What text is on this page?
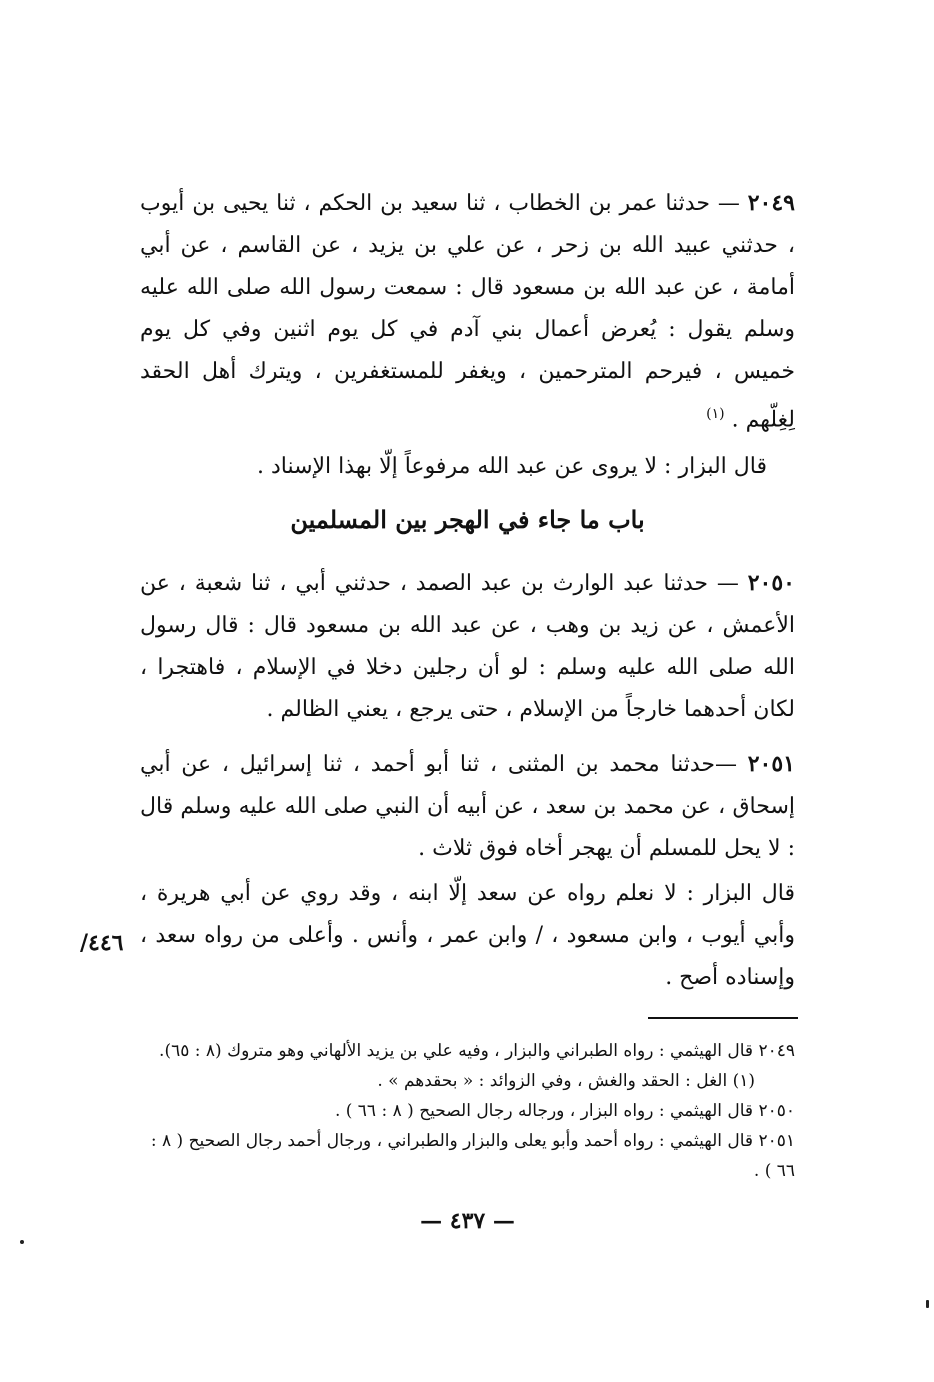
٢٠٤٩ — حدثنا عمر بن الخطاب ، ثنا سعيد بن الحكم ، ثنا يحيى بن أيوب ، حدثني عبيد الله بن زحر ، عن علي بن يزيد ، عن القاسم ، عن أبي أمامة ، عن عبد الله بن مسعود قال : سمعت رسول الله صلى الله عليه وسلم يقول : يُعرض أعمال بني آدم في كل يوم اثنين وفي كل يوم خميس ، فيرحم المترحمين ، ويغفر للمستغفرين ، ويترك أهل الحقد لِغِلّهم . $^{(١)}$
قال البزار : لا يروى عن عبد الله مرفوعاً إلّا بهذا الإسناد .
باب ما جاء في الهجر بين المسلمين
٢٠٥٠ — حدثنا عبد الوارث بن عبد الصمد ، حدثني أبي ، ثنا شعبة ، عن الأعمش ، عن زيد بن وهب ، عن عبد الله بن مسعود قال : قال رسول الله صلى الله عليه وسلم : لو أن رجلين دخلا في الإسلام ، فاهتجرا ، لكان أحدهما خارجاً من الإسلام ، حتى يرجع ، يعني الظالم .
٢٠٥١ —حدثنا محمد بن المثنى ، ثنا أبو أحمد ، ثنا إسرائيل ، عن أبي إسحاق ، عن محمد بن سعد ، عن أبيه أن النبي صلى الله عليه وسلم قال : لا يحل للمسلم أن يهجر أخاه فوق ثلاث .
قال البزار : لا نعلم رواه عن سعد إلّا ابنه ، وقد روي عن أبي هريرة ، وأبي أيوب ، وابن مسعود ، / وابن عمر ، وأنس . وأعلى من رواه سعد ، وإسناده أصح .
٤٤٦/
٢٠٤٩ قال الهيثمي : رواه الطبراني والبزار ، وفيه علي بن يزيد الألهاني وهو متروك (٨ : ٦٥).
(١) الغل : الحقد والغش ، وفي الزوائد : « بحقدهم » .
٢٠٥٠ قال الهيثمي : رواه البزار ، ورجاله رجال الصحيح ( ٨ : ٦٦ ) .
٢٠٥١ قال الهيثمي : رواه أحمد وأبو يعلى والبزار والطبراني ، ورجال أحمد رجال الصحيح ( ٨ : ٦٦ ) .
— ٤٣٧ —
